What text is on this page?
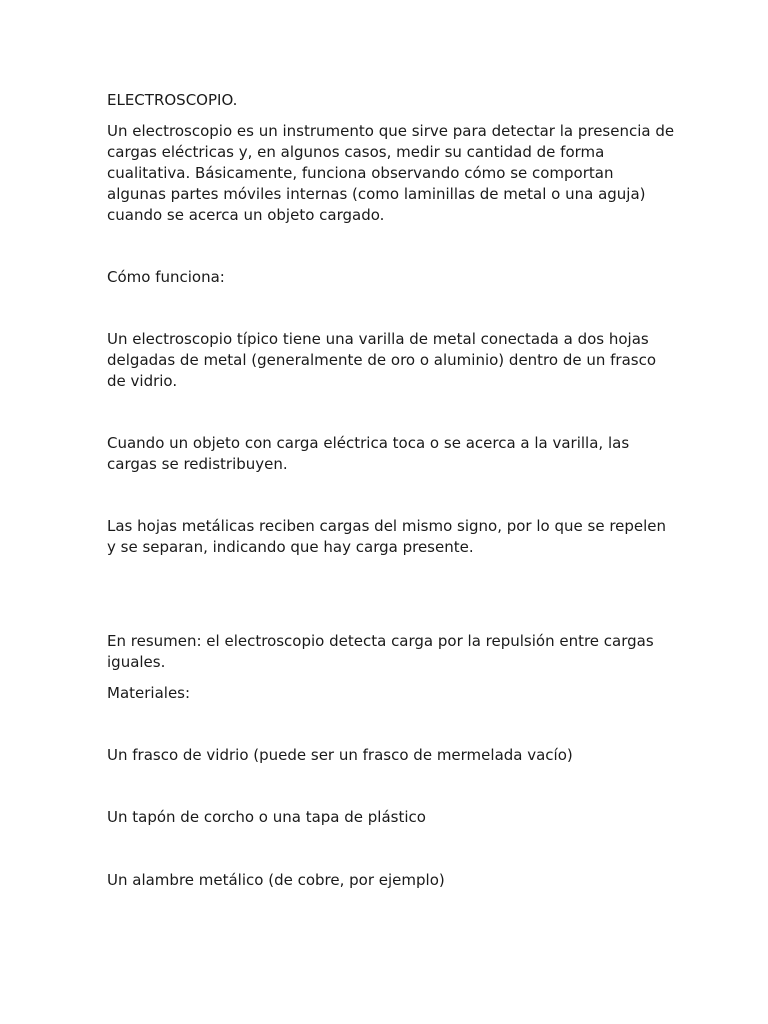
ELECTROSCOPIO.

Un electroscopio es un instrumento que sirve para detectar la presencia de cargas eléctricas y, en algunos casos, medir su cantidad de forma cualitativa. Básicamente, funciona observando cómo se comportan algunas partes móviles internas (como laminillas de metal o una aguja) cuando se acerca un objeto cargado.

Cómo funciona:

Un electroscopio típico tiene una varilla de metal conectada a dos hojas delgadas de metal (generalmente de oro o aluminio) dentro de un frasco de vidrio.

Cuando un objeto con carga eléctrica toca o se acerca a la varilla, las cargas se redistribuyen.

Las hojas metálicas reciben cargas del mismo signo, por lo que se repelen y se separan, indicando que hay carga presente.

En resumen: el electroscopio detecta carga por la repulsión entre cargas iguales.

Materiales:

Un frasco de vidrio (puede ser un frasco de mermelada vacío)

Un tapón de corcho o una tapa de plástico

Un alambre metálico (de cobre, por ejemplo)
